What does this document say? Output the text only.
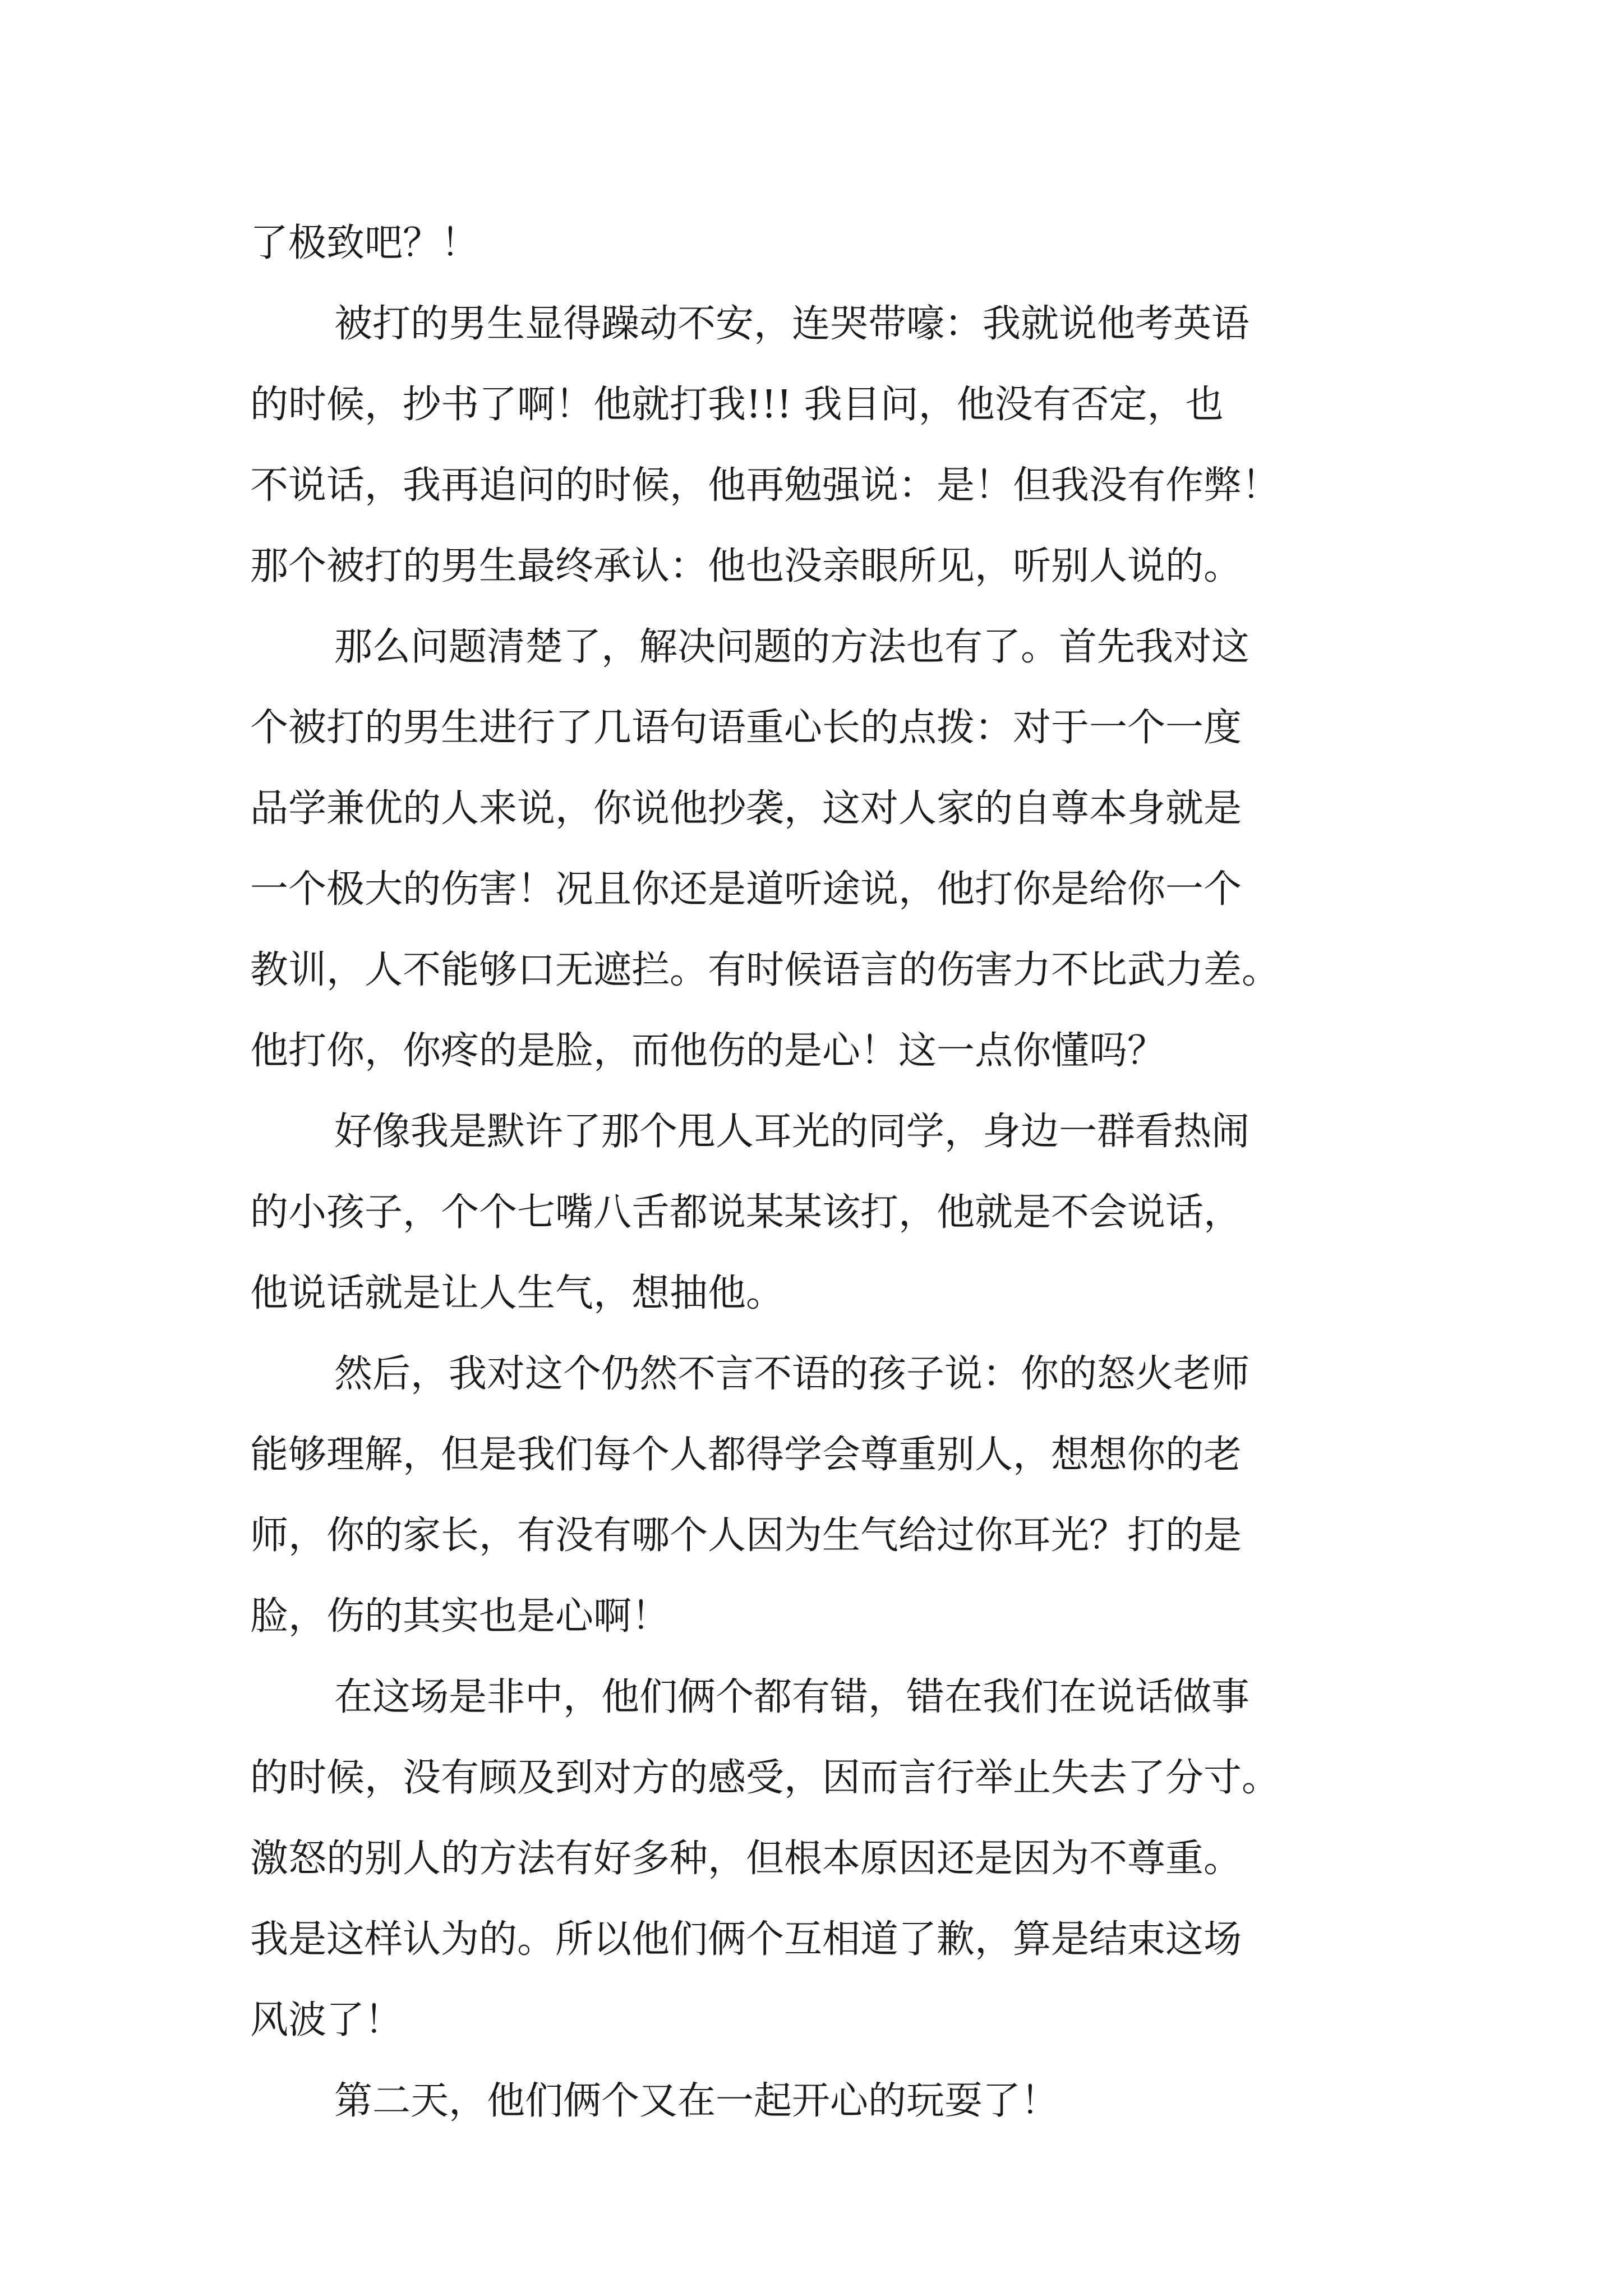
了极致吧？！
被打的男生显得躁动不安，连哭带嚎：我就说他考英语
的时候，抄书了啊！他就打我!!! 我目问，他没有否定，也
不说话，我再追问的时候，他再勉强说：是！但我没有作弊！
那个被打的男生最终承认：他也没亲眼所见，听别人说的。
那么问题清楚了，解决问题的方法也有了。首先我对这
个被打的男生进行了几语句语重心长的点拨：对于一个一度
品学兼优的人来说，你说他抄袭，这对人家的自尊本身就是
一个极大的伤害！况且你还是道听途说，他打你是给你一个
教训，人不能够口无遮拦。有时候语言的伤害力不比武力差。
他打你，你疼的是脸，而他伤的是心！这一点你懂吗？
好像我是默许了那个甩人耳光的同学，身边一群看热闹
的小孩子，个个七嘴八舌都说某某该打，他就是不会说话，
他说话就是让人生气，想抽他。
然后，我对这个仍然不言不语的孩子说：你的怒火老师
能够理解，但是我们每个人都得学会尊重别人，想想你的老
师，你的家长，有没有哪个人因为生气给过你耳光？打的是
脸，伤的其实也是心啊！
在这场是非中，他们俩个都有错，错在我们在说话做事
的时候，没有顾及到对方的感受，因而言行举止失去了分寸。
激怒的别人的方法有好多种，但根本原因还是因为不尊重。
我是这样认为的。所以他们俩个互相道了歉，算是结束这场
风波了！
第二天，他们俩个又在一起开心的玩耍了！
